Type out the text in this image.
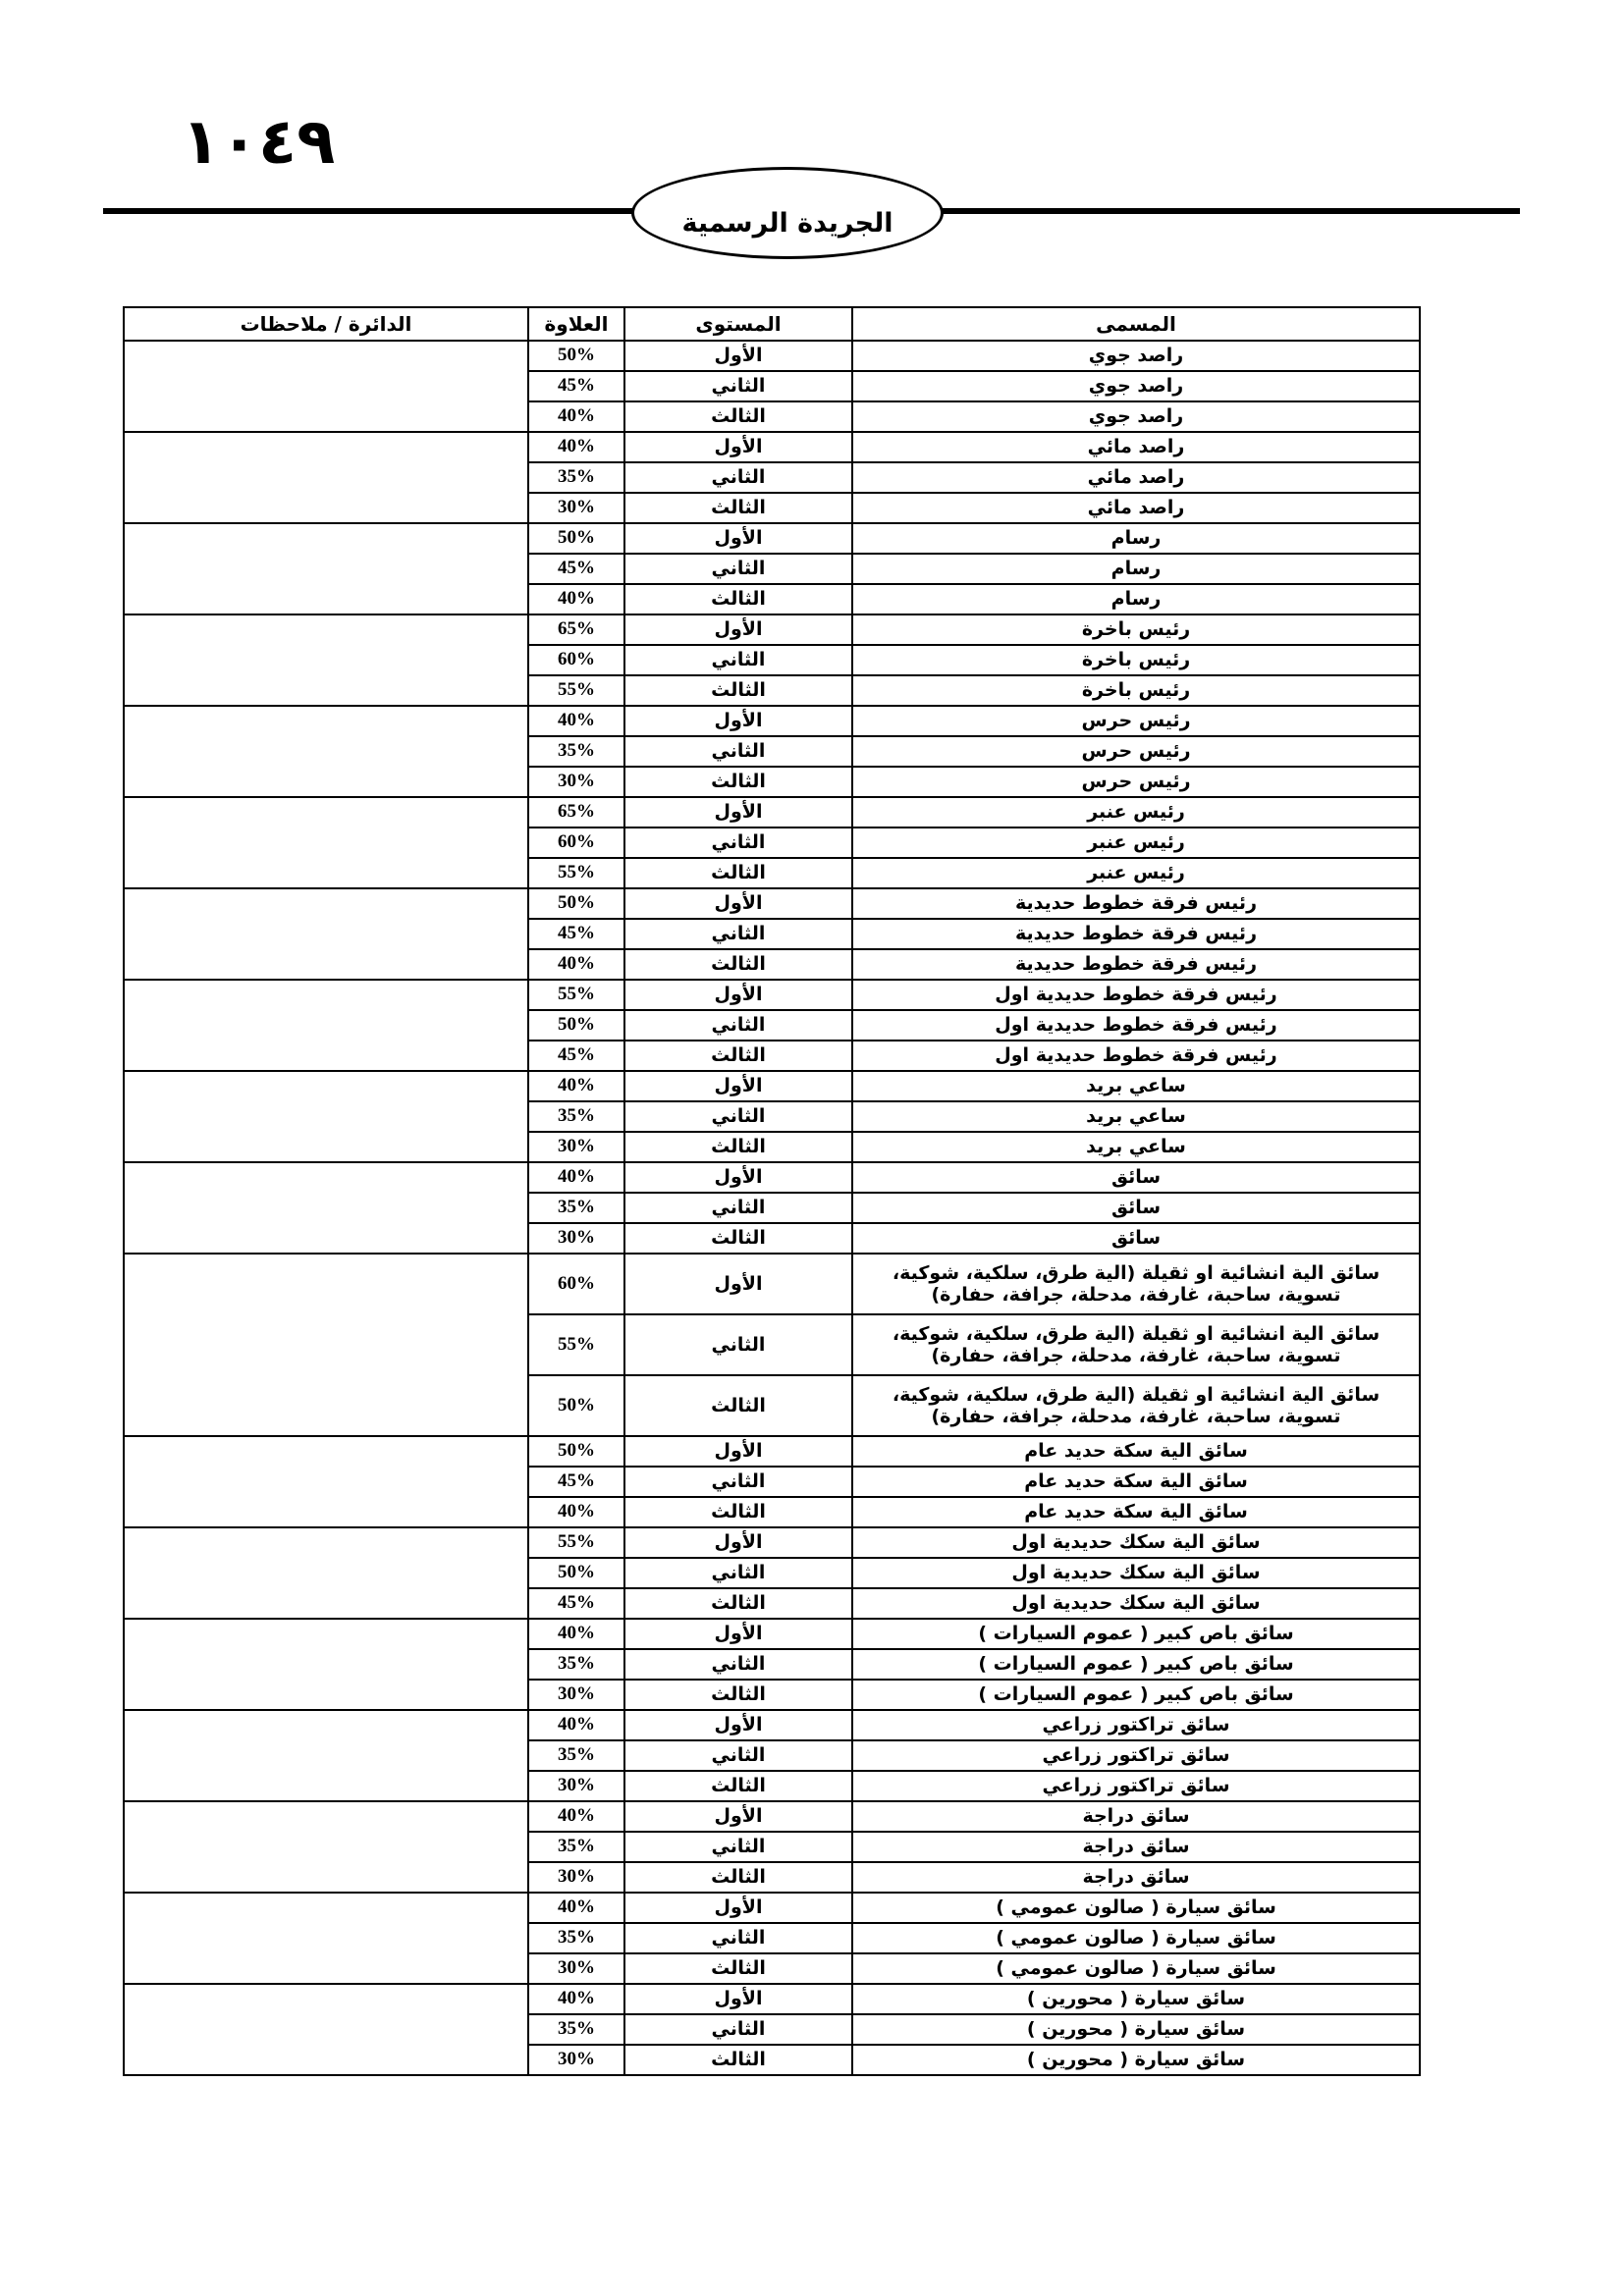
١٠٤٩
الجريدة الرسمية
المسمى	المستوى	العلاوة	الدائرة / ملاحظات
راصد جوي	الأول	50%	
راصد جوي	الثاني	45%	
راصد جوي	الثالث	40%	
راصد مائي	الأول	40%	
راصد مائي	الثاني	35%	
راصد مائي	الثالث	30%	
رسام	الأول	50%	
رسام	الثاني	45%	
رسام	الثالث	40%	
رئيس باخرة	الأول	65%	
رئيس باخرة	الثاني	60%	
رئيس باخرة	الثالث	55%	
رئيس حرس	الأول	40%	
رئيس حرس	الثاني	35%	
رئيس حرس	الثالث	30%	
رئيس عنبر	الأول	65%	
رئيس عنبر	الثاني	60%	
رئيس عنبر	الثالث	55%	
رئيس فرقة خطوط حديدية	الأول	50%	
رئيس فرقة خطوط حديدية	الثاني	45%	
رئيس فرقة خطوط حديدية	الثالث	40%	
رئيس فرقة خطوط حديدية اول	الأول	55%	
رئيس فرقة خطوط حديدية اول	الثاني	50%	
رئيس فرقة خطوط حديدية اول	الثالث	45%	
ساعي بريد	الأول	40%	
ساعي بريد	الثاني	35%	
ساعي بريد	الثالث	30%	
سائق	الأول	40%	
سائق	الثاني	35%	
سائق	الثالث	30%	
سائق الية انشائية او ثقيلة (الية طرق، سلكية، شوكية، تسوية، ساحبة، غارفة، مدحلة، جرافة، حفارة)	الأول	60%	
سائق الية انشائية او ثقيلة (الية طرق، سلكية، شوكية، تسوية، ساحبة، غارفة، مدحلة، جرافة، حفارة)	الثاني	55%	
سائق الية انشائية او ثقيلة (الية طرق، سلكية، شوكية، تسوية، ساحبة، غارفة، مدحلة، جرافة، حفارة)	الثالث	50%	
سائق الية سكة حديد عام	الأول	50%	
سائق الية سكة حديد عام	الثاني	45%	
سائق الية سكة حديد عام	الثالث	40%	
سائق الية سكك حديدية اول	الأول	55%	
سائق الية سكك حديدية اول	الثاني	50%	
سائق الية سكك حديدية اول	الثالث	45%	
سائق باص كبير ( عموم السيارات )	الأول	40%	
سائق باص كبير ( عموم السيارات )	الثاني	35%	
سائق باص كبير ( عموم السيارات )	الثالث	30%	
سائق تراكتور زراعي	الأول	40%	
سائق تراكتور زراعي	الثاني	35%	
سائق تراكتور زراعي	الثالث	30%	
سائق دراجة	الأول	40%	
سائق دراجة	الثاني	35%	
سائق دراجة	الثالث	30%	
سائق سيارة ( صالون عمومي )	الأول	40%	
سائق سيارة ( صالون عمومي )	الثاني	35%	
سائق سيارة ( صالون عمومي )	الثالث	30%	
سائق سيارة ( محورين )	الأول	40%	
سائق سيارة ( محورين )	الثاني	35%	
سائق سيارة ( محورين )	الثالث	30%	
